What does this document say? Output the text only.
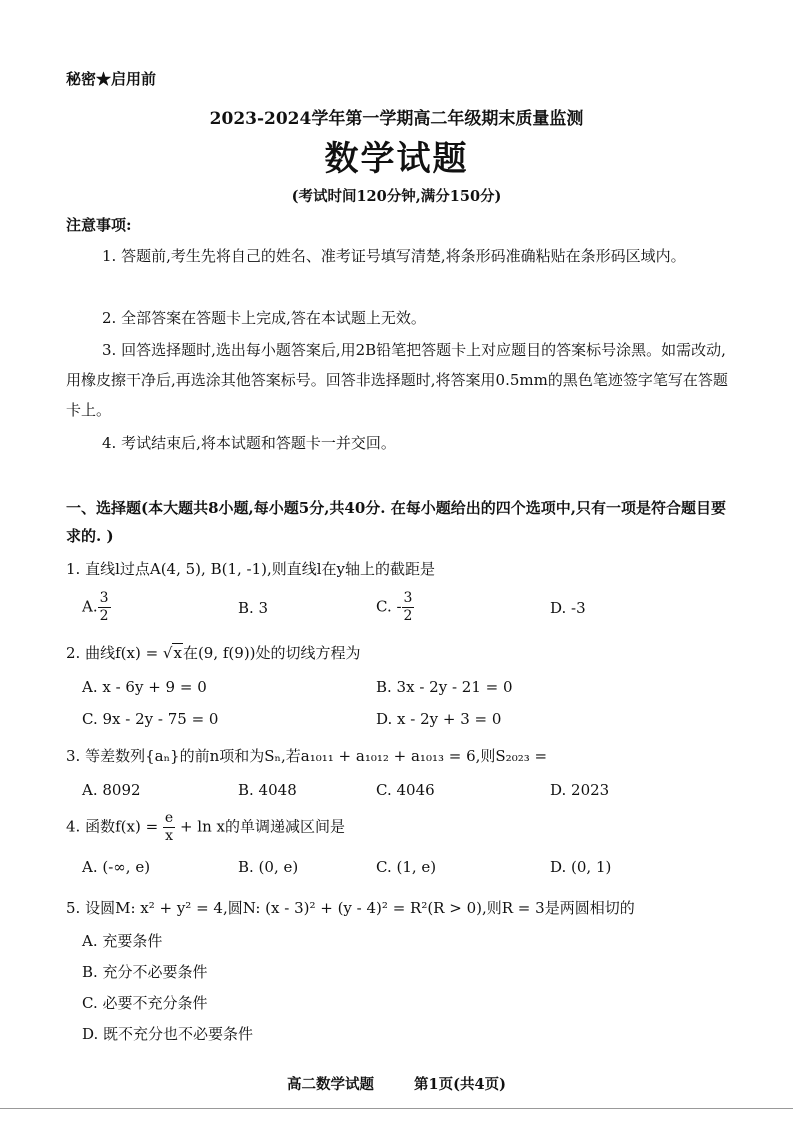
秘密★启用前
2023-2024学年第一学期高二年级期末质量监测
数学试题
(考试时间120分钟,满分150分)
注意事项:
1. 答题前,考生先将自己的姓名、准考证号填写清楚,将条形码准确粘贴在条形码区域内。
2. 全部答案在答题卡上完成,答在本试题上无效。
3. 回答选择题时,选出每小题答案后,用2B铅笔把答题卡上对应题目的答案标号涂黑。如需改动,用橡皮擦干净后,再选涂其他答案标号。回答非选择题时,将答案用0.5mm的黑色笔迹签字笔写在答题卡上。
4. 考试结束后,将本试题和答题卡一并交回。
一、选择题(本大题共8小题,每小题5分,共40分. 在每小题给出的四个选项中,只有一项是符合题目要求的. )
1. 直线l过点A(4, 5), B(1, -1),则直线l在y轴上的截距是
A. $\frac{3}{2}$	B. 3	C. - $\frac{3}{2}$	D. -3
2. 曲线f(x) = √x在(9, f(9))处的切线方程为
A. x - 6y + 9 = 0	B. 3x - 2y - 21 = 0
C. 9x - 2y - 75 = 0	D. x - 2y + 3 = 0
3. 等差数列{aₙ}的前n项和为Sₙ,若a₁₀₁₁ + a₁₀₁₂ + a₁₀₁₃ = 6,则S₂₀₂₃ =
A. 8092	B. 4048	C. 4046	D. 2023
4. 函数$f(x) = \frac{e}{x} + \ln x$的单调递减区间是
A. (-∞, e)	B. (0, e)	C. (1, e)	D. (0, 1)
5. 设圆M: x² + y² = 4,圆N: (x - 3)² + (y - 4)² = R²(R > 0),则R = 3是两圆相切的
A. 充要条件
B. 充分不必要条件
C. 必要不充分条件
D. 既不充分也不必要条件
高二数学试题	第1页(共4页)
